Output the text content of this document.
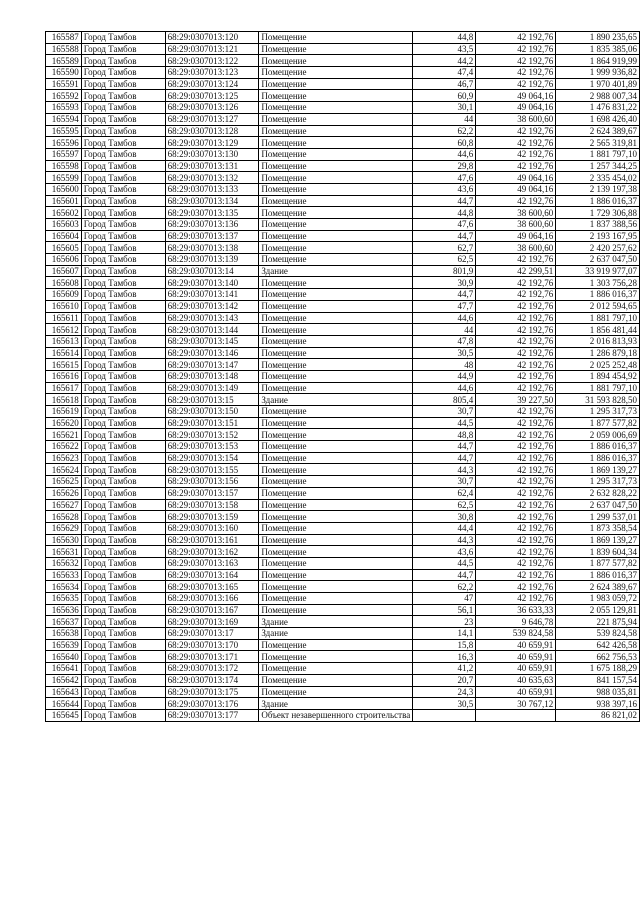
165587	Город Тамбов	68:29:0307013:120	Помещение	44,8	42 192,76	1 890 235,65
165588	Город Тамбов	68:29:0307013:121	Помещение	43,5	42 192,76	1 835 385,06
165589	Город Тамбов	68:29:0307013:122	Помещение	44,2	42 192,76	1 864 919,99
165590	Город Тамбов	68:29:0307013:123	Помещение	47,4	42 192,76	1 999 936,82
165591	Город Тамбов	68:29:0307013:124	Помещение	46,7	42 192,76	1 970 401,89
165592	Город Тамбов	68:29:0307013:125	Помещение	60,9	49 064,16	2 988 007,34
165593	Город Тамбов	68:29:0307013:126	Помещение	30,1	49 064,16	1 476 831,22
165594	Город Тамбов	68:29:0307013:127	Помещение	44	38 600,60	1 698 426,40
165595	Город Тамбов	68:29:0307013:128	Помещение	62,2	42 192,76	2 624 389,67
165596	Город Тамбов	68:29:0307013:129	Помещение	60,8	42 192,76	2 565 319,81
165597	Город Тамбов	68:29:0307013:130	Помещение	44,6	42 192,76	1 881 797,10
165598	Город Тамбов	68:29:0307013:131	Помещение	29,8	42 192,76	1 257 344,25
165599	Город Тамбов	68:29:0307013:132	Помещение	47,6	49 064,16	2 335 454,02
165600	Город Тамбов	68:29:0307013:133	Помещение	43,6	49 064,16	2 139 197,38
165601	Город Тамбов	68:29:0307013:134	Помещение	44,7	42 192,76	1 886 016,37
165602	Город Тамбов	68:29:0307013:135	Помещение	44,8	38 600,60	1 729 306,88
165603	Город Тамбов	68:29:0307013:136	Помещение	47,6	38 600,60	1 837 388,56
165604	Город Тамбов	68:29:0307013:137	Помещение	44,7	49 064,16	2 193 167,95
165605	Город Тамбов	68:29:0307013:138	Помещение	62,7	38 600,60	2 420 257,62
165606	Город Тамбов	68:29:0307013:139	Помещение	62,5	42 192,76	2 637 047,50
165607	Город Тамбов	68:29:0307013:14	Здание	801,9	42 299,51	33 919 977,07
165608	Город Тамбов	68:29:0307013:140	Помещение	30,9	42 192,76	1 303 756,28
165609	Город Тамбов	68:29:0307013:141	Помещение	44,7	42 192,76	1 886 016,37
165610	Город Тамбов	68:29:0307013:142	Помещение	47,7	42 192,76	2 012 594,65
165611	Город Тамбов	68:29:0307013:143	Помещение	44,6	42 192,76	1 881 797,10
165612	Город Тамбов	68:29:0307013:144	Помещение	44	42 192,76	1 856 481,44
165613	Город Тамбов	68:29:0307013:145	Помещение	47,8	42 192,76	2 016 813,93
165614	Город Тамбов	68:29:0307013:146	Помещение	30,5	42 192,76	1 286 879,18
165615	Город Тамбов	68:29:0307013:147	Помещение	48	42 192,76	2 025 252,48
165616	Город Тамбов	68:29:0307013:148	Помещение	44,9	42 192,76	1 894 454,92
165617	Город Тамбов	68:29:0307013:149	Помещение	44,6	42 192,76	1 881 797,10
165618	Город Тамбов	68:29:0307013:15	Здание	805,4	39 227,50	31 593 828,50
165619	Город Тамбов	68:29:0307013:150	Помещение	30,7	42 192,76	1 295 317,73
165620	Город Тамбов	68:29:0307013:151	Помещение	44,5	42 192,76	1 877 577,82
165621	Город Тамбов	68:29:0307013:152	Помещение	48,8	42 192,76	2 059 006,69
165622	Город Тамбов	68:29:0307013:153	Помещение	44,7	42 192,76	1 886 016,37
165623	Город Тамбов	68:29:0307013:154	Помещение	44,7	42 192,76	1 886 016,37
165624	Город Тамбов	68:29:0307013:155	Помещение	44,3	42 192,76	1 869 139,27
165625	Город Тамбов	68:29:0307013:156	Помещение	30,7	42 192,76	1 295 317,73
165626	Город Тамбов	68:29:0307013:157	Помещение	62,4	42 192,76	2 632 828,22
165627	Город Тамбов	68:29:0307013:158	Помещение	62,5	42 192,76	2 637 047,50
165628	Город Тамбов	68:29:0307013:159	Помещение	30,8	42 192,76	1 299 537,01
165629	Город Тамбов	68:29:0307013:160	Помещение	44,4	42 192,76	1 873 358,54
165630	Город Тамбов	68:29:0307013:161	Помещение	44,3	42 192,76	1 869 139,27
165631	Город Тамбов	68:29:0307013:162	Помещение	43,6	42 192,76	1 839 604,34
165632	Город Тамбов	68:29:0307013:163	Помещение	44,5	42 192,76	1 877 577,82
165633	Город Тамбов	68:29:0307013:164	Помещение	44,7	42 192,76	1 886 016,37
165634	Город Тамбов	68:29:0307013:165	Помещение	62,2	42 192,76	2 624 389,67
165635	Город Тамбов	68:29:0307013:166	Помещение	47	42 192,76	1 983 059,72
165636	Город Тамбов	68:29:0307013:167	Помещение	56,1	36 633,33	2 055 129,81
165637	Город Тамбов	68:29:0307013:169	Здание	23	9 646,78	221 875,94
165638	Город Тамбов	68:29:0307013:17	Здание	14,1	539 824,58	539 824,58
165639	Город Тамбов	68:29:0307013:170	Помещение	15,8	40 659,91	642 426,58
165640	Город Тамбов	68:29:0307013:171	Помещение	16,3	40 659,91	662 756,53
165641	Город Тамбов	68:29:0307013:172	Помещение	41,2	40 659,91	1 675 188,29
165642	Город Тамбов	68:29:0307013:174	Помещение	20,7	40 635,63	841 157,54
165643	Город Тамбов	68:29:0307013:175	Помещение	24,3	40 659,91	988 035,81
165644	Город Тамбов	68:29:0307013:176	Здание	30,5	30 767,12	938 397,16
165645	Город Тамбов	68:29:0307013:177	Объект незавершенного строительства			86 821,02
